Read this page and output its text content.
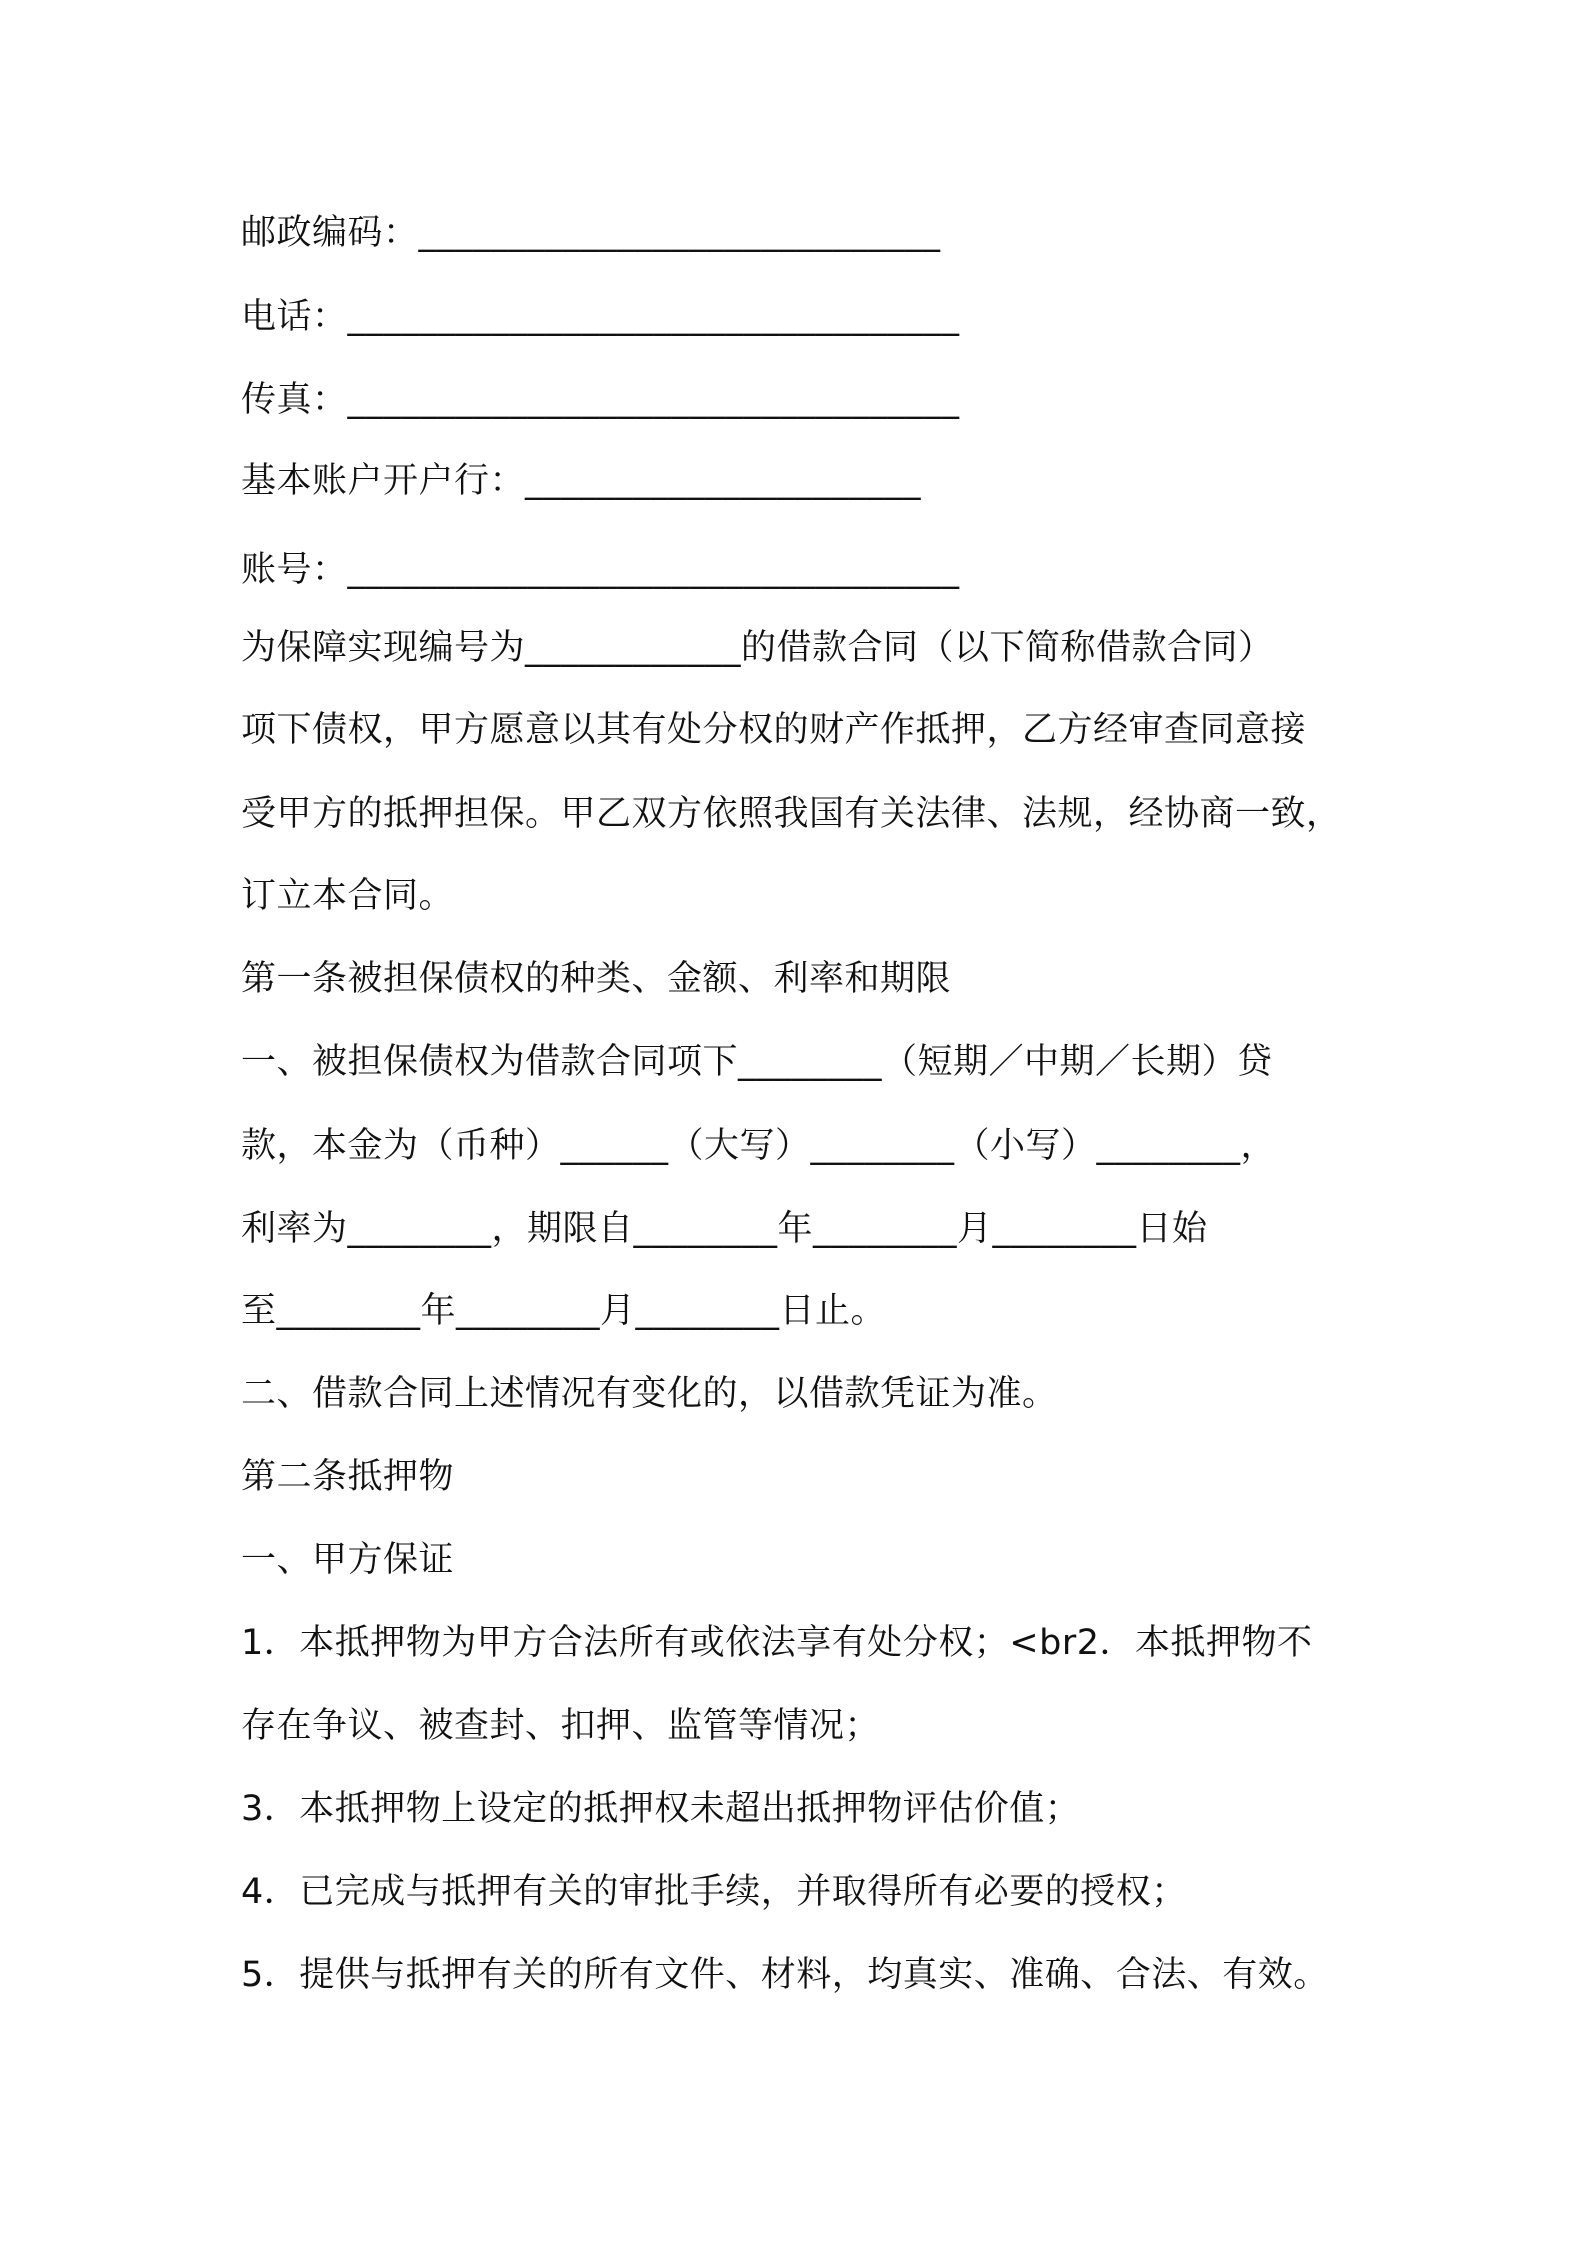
邮政编码：_____________________________

电话：__________________________________

传真：__________________________________

基本账户开户行：______________________

账号：__________________________________

为保障实现编号为____________的借款合同（以下简称借款合同）

项下债权，甲方愿意以其有处分权的财产作抵押，乙方经审查同意接

受甲方的抵押担保。甲乙双方依照我国有关法律、法规，经协商一致，

订立本合同。

第一条被担保债权的种类、金额、利率和期限

一、被担保债权为借款合同项下________（短期／中期／长期）贷

款，本金为（币种）______（大写）________（小写）________，

利率为________，期限自________年________月________日始

至________年________月________日止。

二、借款合同上述情况有变化的，以借款凭证为准。

第二条抵押物

一、甲方保证

1．本抵押物为甲方合法所有或依法享有处分权；<br2．本抵押物不

存在争议、被查封、扣押、监管等情况；

3．本抵押物上设定的抵押权未超出抵押物评估价值；

4．已完成与抵押有关的审批手续，并取得所有必要的授权；

5．提供与抵押有关的所有文件、材料，均真实、准确、合法、有效。
